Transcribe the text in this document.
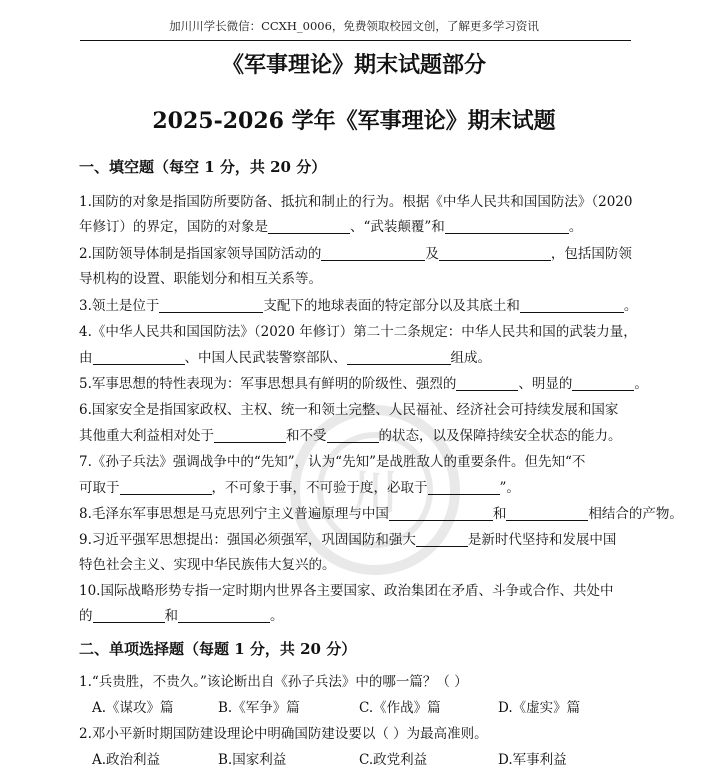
加川川学长微信：CCXH_0006，免费领取校园文创，了解更多学习资讯
川
《军事理论》期末试题部分
2025-2026 学年《军事理论》期末试题
一、填空题（每空 1 分，共 20 分）
1.国防的对象是指国防所要防备、抵抗和制止的行为。根据《中华人民共和国国防法》（2020
年修订）的界定，国防的对象是	、“武装颠覆”和	。
2.国防领导体制是指国家领导国防活动的	及	，包括国防领
导机构的设置、职能划分和相互关系等。
3.领土是位于	支配下的地球表面的特定部分以及其底土和	。
4.《中华人民共和国国防法》（2020 年修订）第二十二条规定：中华人民共和国的武装力量，
由	、中国人民武装警察部队、	组成。
5.军事思想的特性表现为：军事思想具有鲜明的阶级性、强烈的	、明显的	。
6.国家安全是指国家政权、主权、统一和领土完整、人民福祉、经济社会可持续发展和国家
其他重大利益相对处于	和不受	的状态，以及保障持续安全状态的能力。
7.《孙子兵法》强调战争中的“先知”，认为“先知”是战胜敌人的重要条件。但先知“不
可取于	，不可象于事，不可验于度，必取于	”。
8.毛泽东军事思想是马克思列宁主义普遍原理与中国	和	相结合的产物。
9.习近平强军思想提出：强国必须强军，巩固国防和强大	是新时代坚持和发展中国
特色社会主义、实现中华民族伟大复兴的。
10.国际战略形势专指一定时期内世界各主要国家、政治集团在矛盾、斗争或合作、共处中
的	和	。
二、单项选择题（每题 1 分，共 20 分）
1.“兵贵胜，不贵久。”该论断出自《孙子兵法》中的哪一篇？（ ）
A.《谋攻》篇	B.《军争》篇	C.《作战》篇	D.《虚实》篇
2.邓小平新时期国防建设理论中明确国防建设要以（ ）为最高准则。
A.政治利益	B.国家利益	C.政党利益	D.军事利益
